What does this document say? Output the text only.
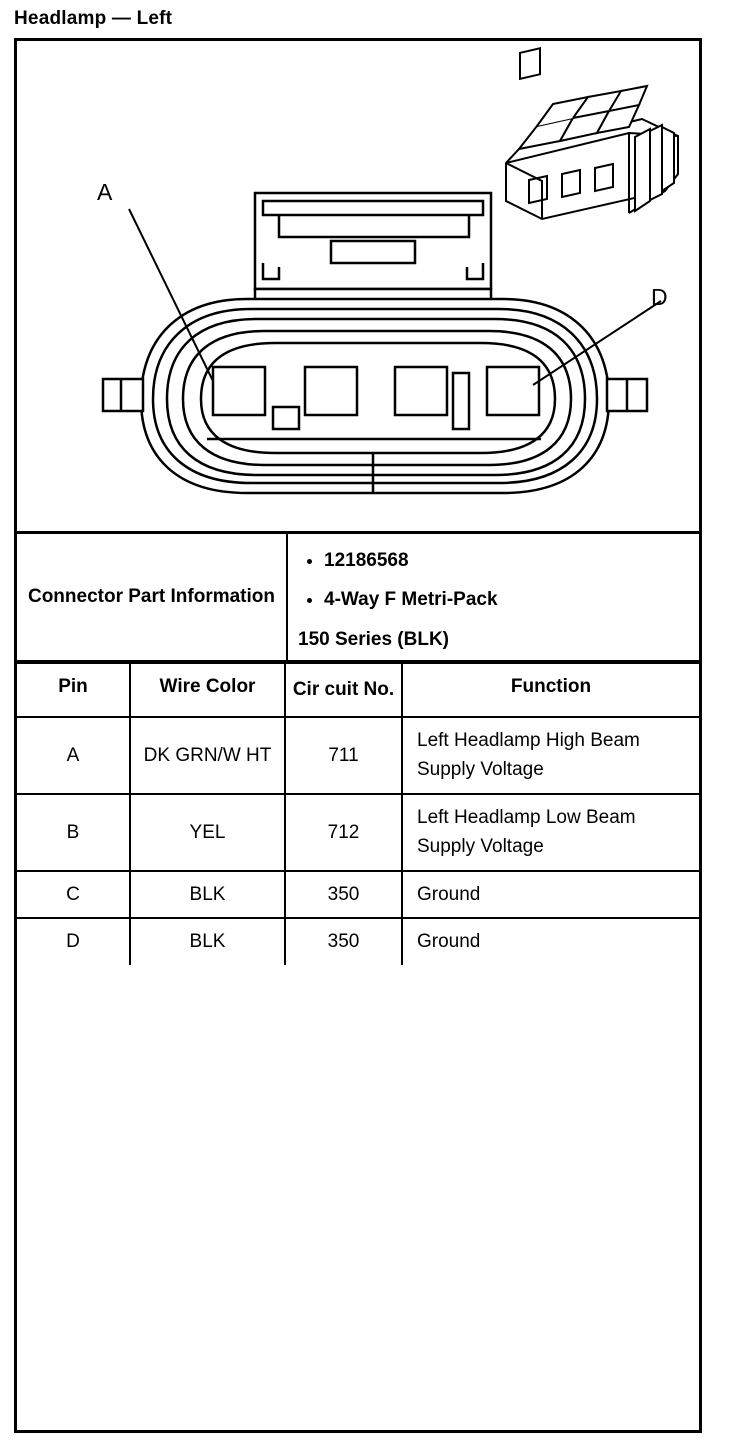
Headlamp — Left
A
D
Connector Part Information	
• 12186568
• 4-Way F Metri-Pack
150 Series (BLK)
Pin	Wire Color	Cir cuit No.	Function
A	DK GRN/W HT	711	Left Headlamp High Beam Supply Voltage
B	YEL	712	Left Headlamp Low Beam Supply Voltage
C	BLK	350	Ground
D	BLK	350	Ground
